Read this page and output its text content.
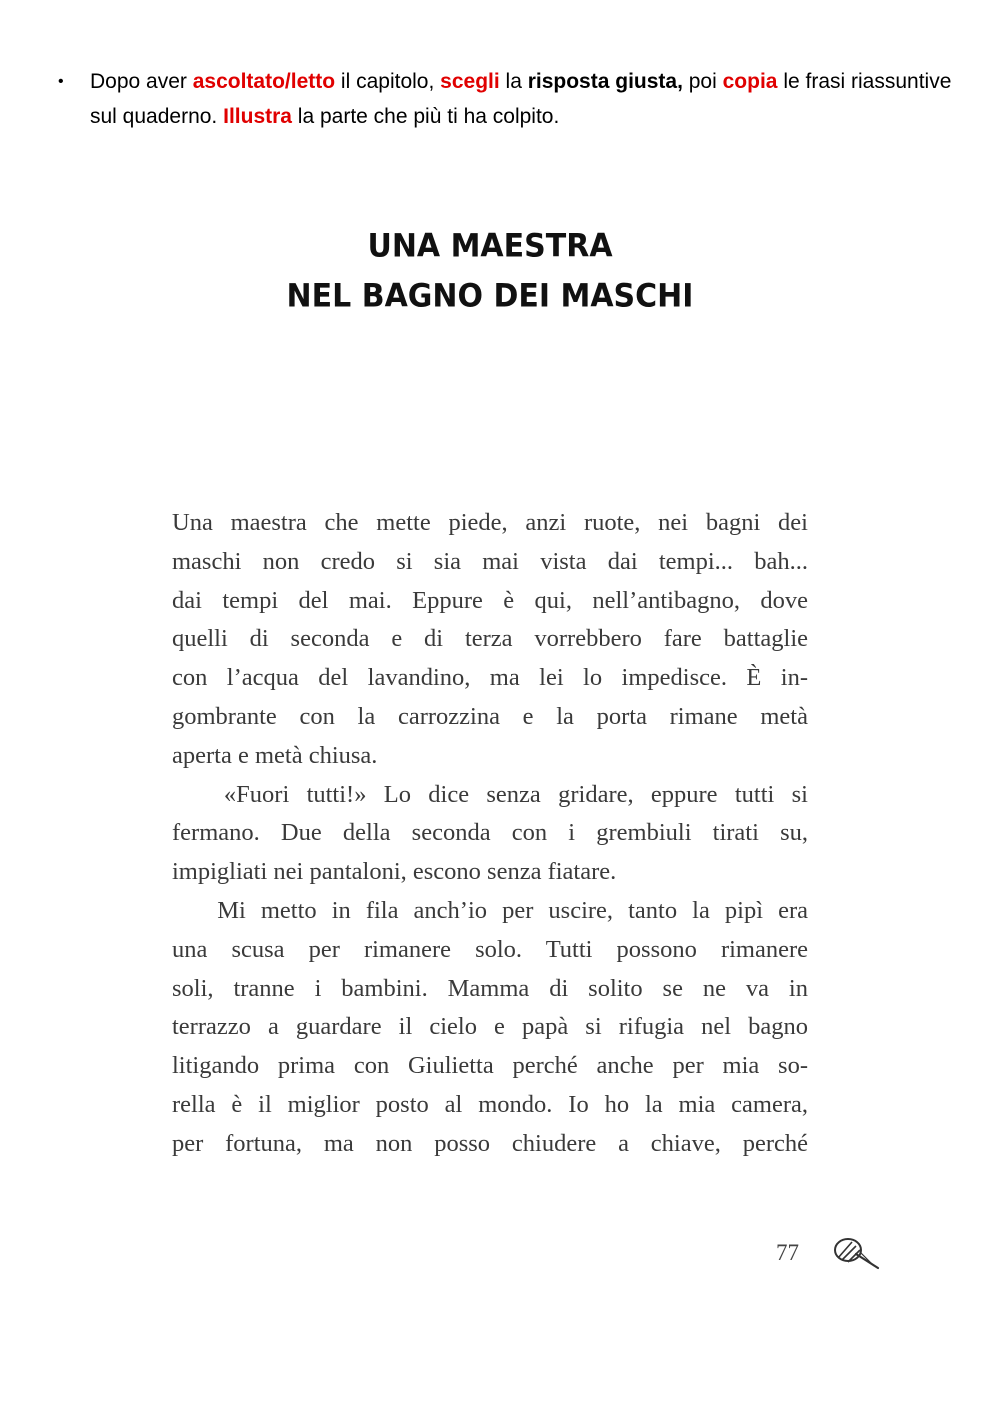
•	Dopo aver ascoltato/letto il capitolo, scegli la risposta giusta, poi copia le frasi riassuntive sul quaderno. Illustra la parte che più ti ha colpito.
UNA MAESTRA
NEL BAGNO DEI MASCHI
Una maestra che mette piede, anzi ruote, nei bagni dei
maschi non credo si sia mai vista dai tempi... bah...
dai tempi del mai. Eppure è qui, nell’antibagno, dove
quelli di seconda e di terza vorrebbero fare battaglie
con l’acqua del lavandino, ma lei lo impedisce. È in-
gombrante con la carrozzina e la porta rimane metà
aperta e metà chiusa.
«Fuori tutti!» Lo dice senza gridare, eppure tutti si
fermano. Due della seconda con i grembiuli tirati su,
impigliati nei pantaloni, escono senza fiatare.
Mi metto in fila anch’io per uscire, tanto la pipì era
una scusa per rimanere solo. Tutti possono rimanere
soli, tranne i bambini. Mamma di solito se ne va in
terrazzo a guardare il cielo e papà si rifugia nel bagno
litigando prima con Giulietta perché anche per mia so-
rella è il miglior posto al mondo. Io ho la mia camera,
per fortuna, ma non posso chiudere a chiave, perché
77
